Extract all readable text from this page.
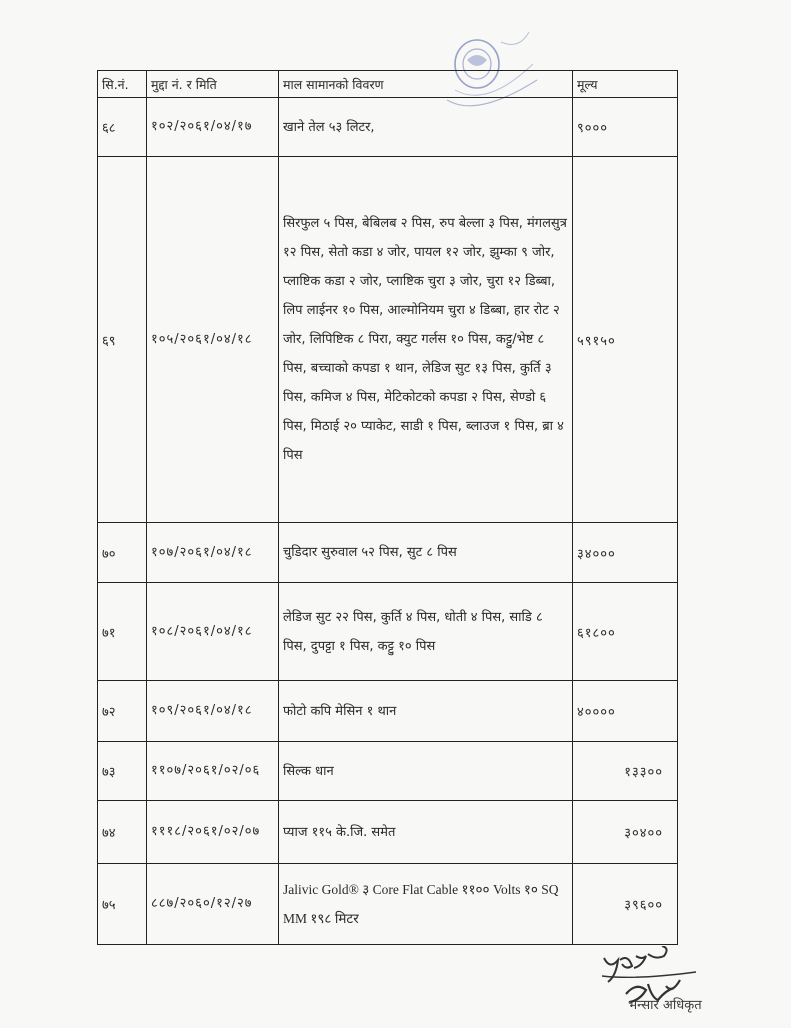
सि.नं.	मुद्दा नं. र मिति	माल सामानको विवरण	मूल्य
६८	१०२/२०६१/०४/१७	खाने तेल ५३ लिटर,	९०००
६९	१०५/२०६१/०४/१८	सिरफुल ५ पिस, बेबिलब २ पिस, रुप बेल्ला ३ पिस, मंगलसुत्र १२ पिस, सेतो कडा ४ जोर, पायल १२ जोर, झुम्का ९ जोर, प्लाष्टिक कडा २ जोर, प्लाष्टिक चुरा ३ जोर, चुरा १२ डिब्बा, लिप लाईनर १० पिस, आल्मोनियम चुरा ४ डिब्बा, हार रोट २ जोर, लिपिष्टिक ८ पिरा, क्युट गर्लस १० पिस, कट्टु/भेष्ट ८ पिस, बच्चाको कपडा १ थान, लेडिज सुट १३ पिस, कुर्ति ३ पिस, कमिज ४ पिस, मेटिकोटको कपडा २ पिस, सेण्डो ६ पिस, मिठाई २० प्याकेट, साडी १ पिस, ब्लाउज १ पिस, ब्रा ४ पिस	५९१५०
७०	१०७/२०६१/०४/१८	चुडिदार सुरुवाल ५२ पिस, सुट ८ पिस	३४०००
७१	१०८/२०६१/०४/१८	लेडिज सुट २२ पिस, कुर्ति ४ पिस, धोती ४ पिस, साडि ८ पिस, दुपट्टा १ पिस, कट्टु १० पिस	६१८००
७२	१०९/२०६१/०४/१८	फोटो कपि मेसिन १ थान	४००००
७३	११०७/२०६१/०२/०६	सिल्क धान	१३३००
७४	१११८/२०६१/०२/०७	प्याज ११५ के.जि. समेत	३०४००
७५	८८७/२०६०/१२/२७	Jalivic Gold® ३ Core Flat Cable ११०० Volts १० SQ MM १९८ मिटर	३९६००
भन्सार अधिकृत
